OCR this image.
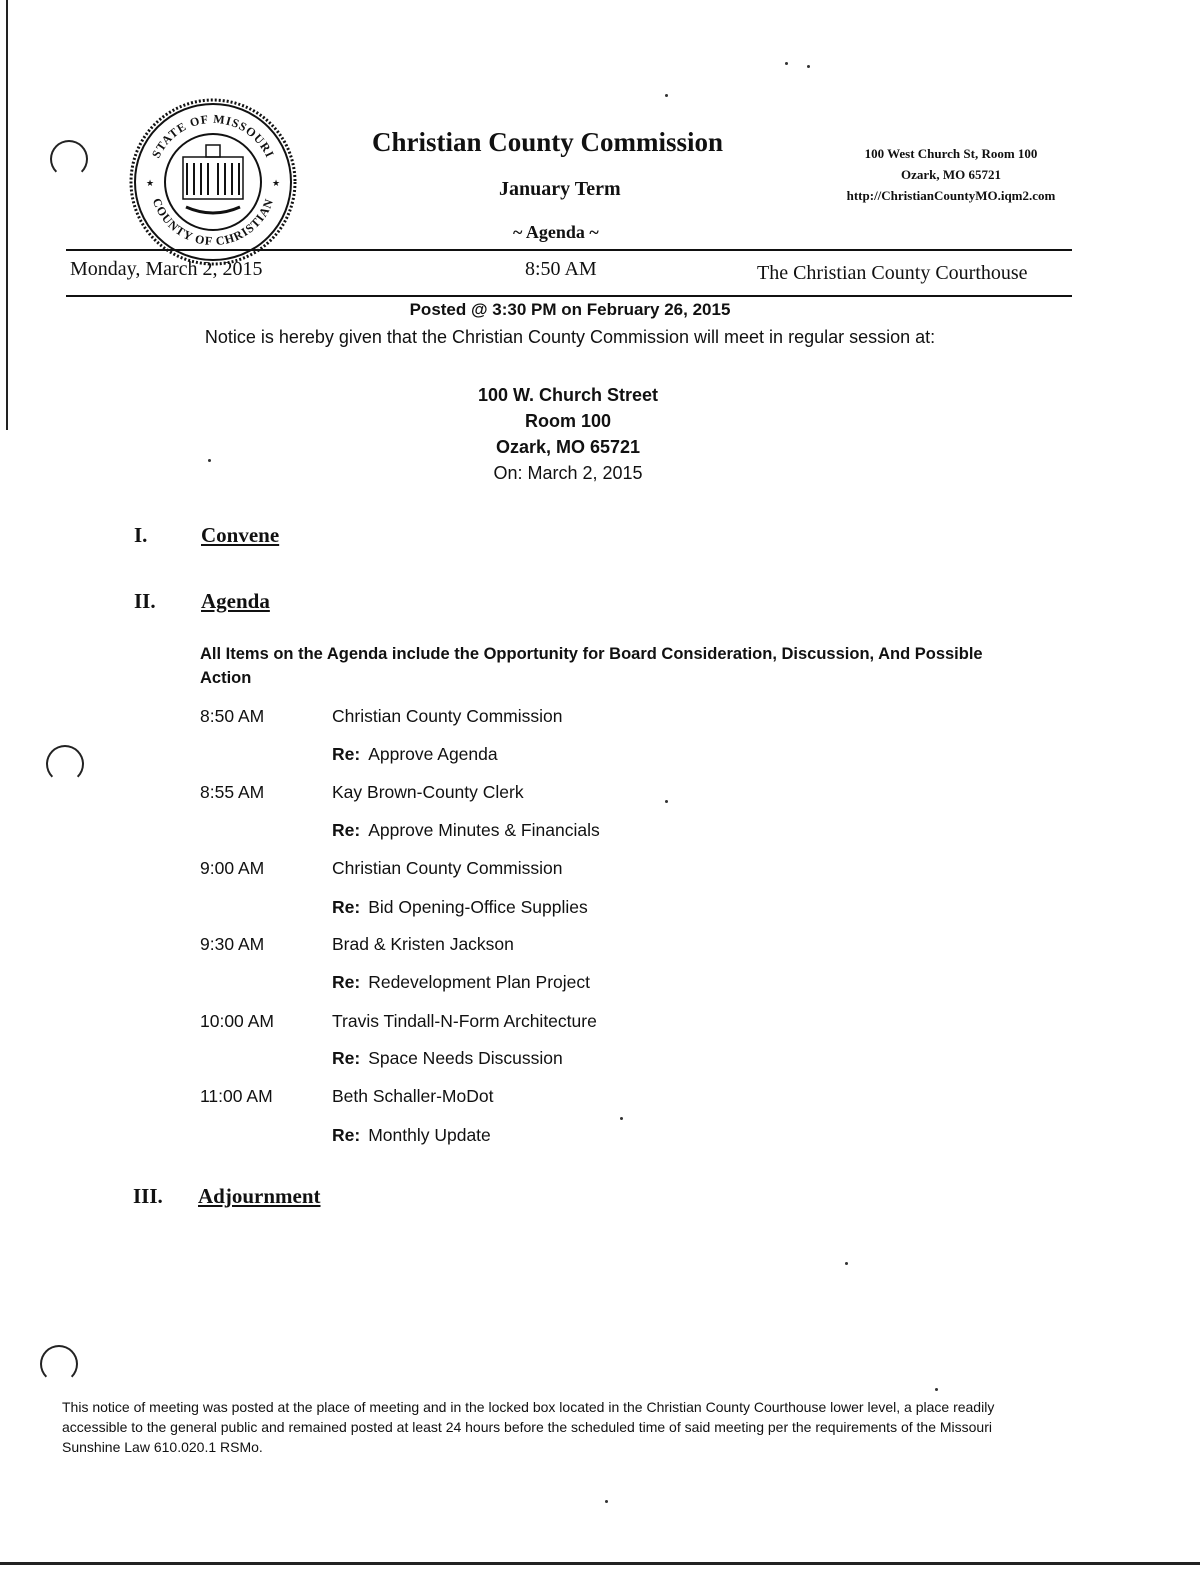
STATE OF MISSOURI
COUNTY OF CHRISTIAN
★	★
Christian County Commission
January Term
~ Agenda ~
100 West Church St, Room 100
Ozark, MO 65721
http://ChristianCountyMO.iqm2.com
Monday, March 2, 2015	8:50 AM	The Christian County Courthouse
Posted @ 3:30 PM on February 26, 2015
Notice is hereby given that the Christian County Commission will meet in regular session at:
100 W. Church Street
Room 100
Ozark, MO 65721
On: March 2, 2015
I.	Convene
II. Agenda
All Items on the Agenda include the Opportunity for Board Consideration, Discussion, And Possible Action
8:50 AM	Christian County Commission
Re: Approve Agenda
8:55 AM	Kay Brown-County Clerk
Re: Approve Minutes & Financials
9:00 AM	Christian County Commission
Re: Bid Opening-Office Supplies
9:30 AM	Brad & Kristen Jackson
Re: Redevelopment Plan Project
10:00 AM	Travis Tindall-N-Form Architecture
Re: Space Needs Discussion
11:00 AM	Beth Schaller-MoDot
Re: Monthly Update
III. Adjournment
This notice of meeting was posted at the place of meeting and in the locked box located in the Christian County Courthouse lower level, a place readily accessible to the general public and remained posted at least 24 hours before the scheduled time of said meeting per the requirements of the Missouri Sunshine Law 610.020.1 RSMo.
